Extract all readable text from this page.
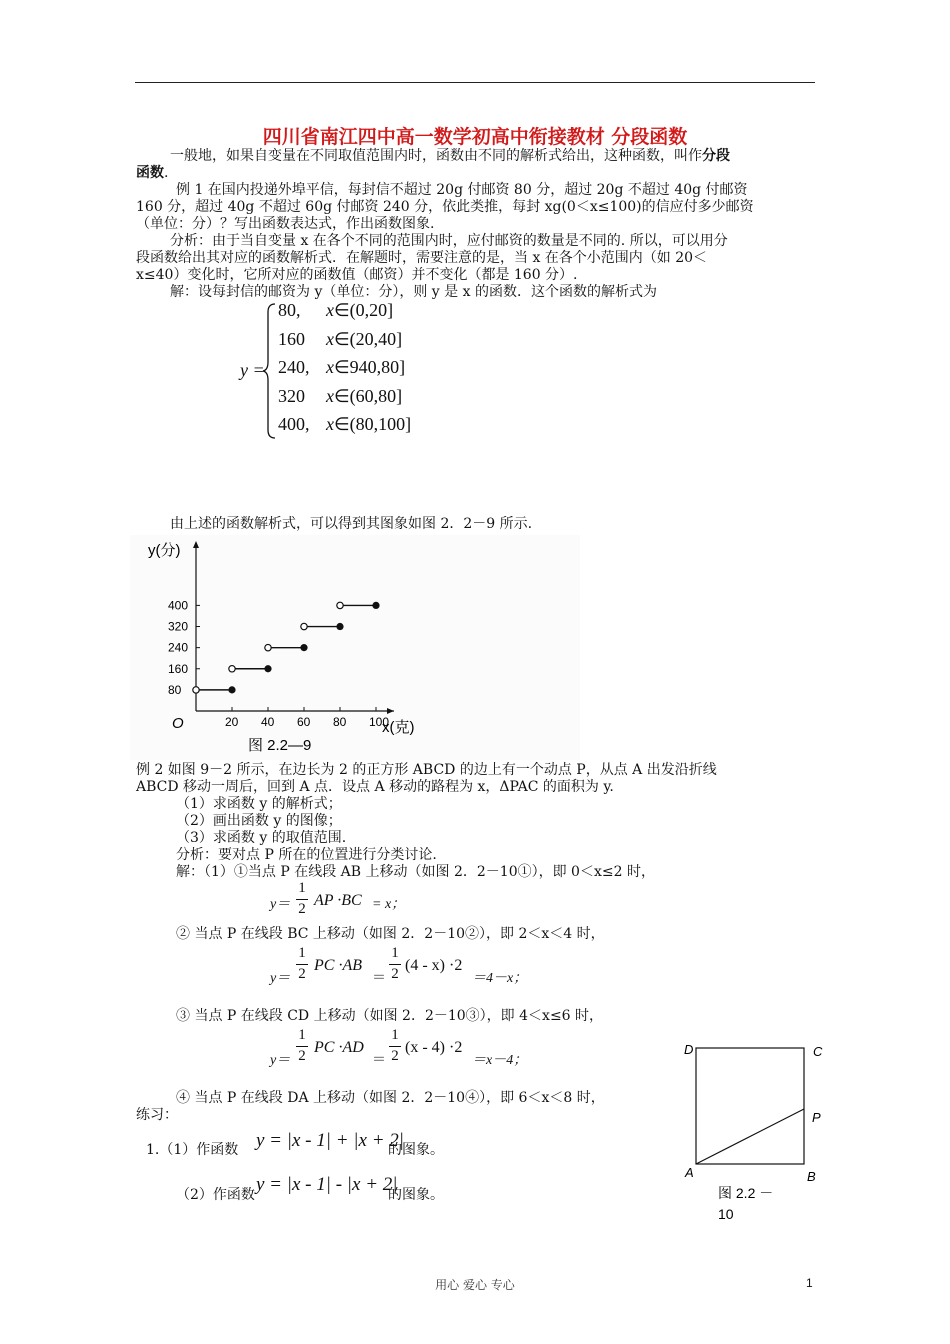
四川省南江四中高一数学初高中衔接教材 分段函数
一般地，如果自变量在不同取值范围内时，函数由不同的解析式给出，这种函数，叫作分段
函数.
例 1 在国内投递外埠平信，每封信不超过 20g 付邮资 80 分，超过 20g 不超过 40g 付邮资
160 分，超过 40g 不超过 60g 付邮资 240 分，依此类推，每封 xg(0＜x≤100)的信应付多少邮资
（单位：分）？写出函数表达式，作出函数图象.
分析：由于当自变量 x 在各个不同的范围内时，应付邮资的数量是不同的. 所以，可以用分
段函数给出其对应的函数解析式．在解题时，需要注意的是，当 x 在各个小范围内（如 20＜
x≤40）变化时，它所对应的函数值（邮资）并不变化（都是 160 分）.
解：设每封信的邮资为 y（单位：分），则 y 是 x 的函数．这个函数的解析式为
y =
80, x∈(0,20]
160 x∈(20,40]
240, x∈940,80]
320 x∈(60,80]
400, x∈(80,100]
由上述的函数解析式，可以得到其图象如图 2．2－9 所示.
y(分)
x(克)
O
图 2.2—9
20 40 60 80 100
80
160
240
320
400
例 2 如图 9－2 所示，在边长为 2 的正方形 ABCD 的边上有一个动点 P，从点 A 出发沿折线
ABCD 移动一周后，回到 A 点．设点 A 移动的路程为 x，ΔPAC 的面积为 y.
（1）求函数 y 的解析式；
（2）画出函数 y 的图像；
（3）求函数 y 的取值范围.
分析：要对点 P 所在的位置进行分类讨论.
解：（1）①当点 P 在线段 AB 上移动（如图 2．2－10①），即 0＜x≤2 时，
y＝
1
2 AP ·BC = x；
② 当点 P 在线段 BC 上移动（如图 2．2－10②），即 2＜x＜4 时，
y＝
1
2 PC ·AB
＝
1
2 (4 - x) ·2
＝4－x；
③ 当点 P 在线段 CD 上移动（如图 2．2－10③），即 4＜x≤6 时，
y＝
1
2 PC ·AD
＝
1
2 (x - 4) ·2
＝x－4；
④ 当点 P 在线段 DA 上移动（如图 2．2－10④），即 6＜x＜8 时，
练习：
1.（1）作函数 y = |x - 1| + |x + 2|
的图象。
（2）作函数 y = |x - 1| - |x + 2|
的图象。
D	C
P
A	B
图 2.2 －
10
用心 爱心 专心	1
